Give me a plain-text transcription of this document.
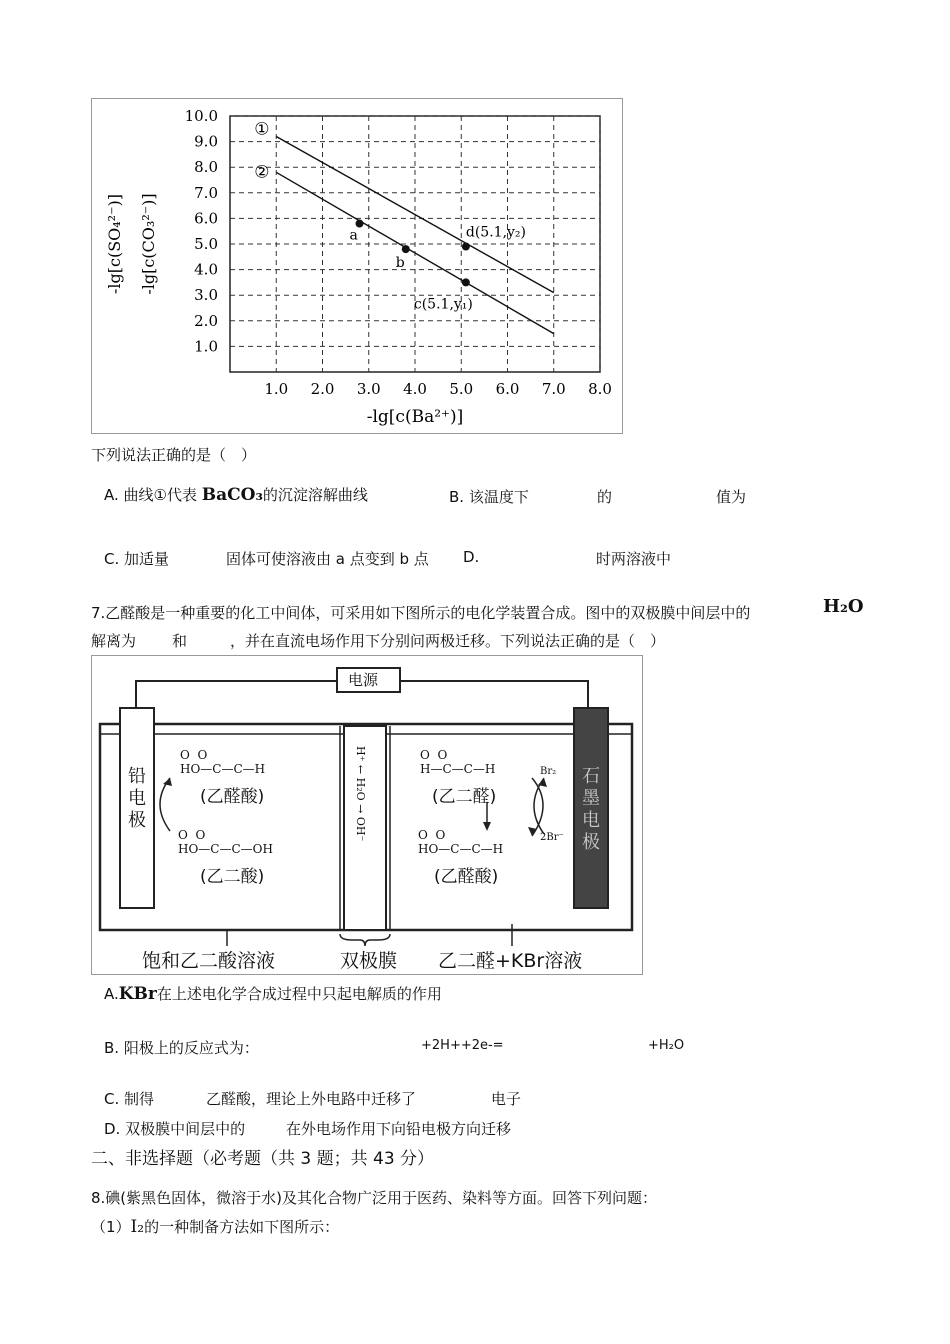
1.0 2.0 3.0 4.0 5.0 6.0 7.0 8.0
1.0
2.0
3.0
4.0
5.0
6.0
7.0
8.0
9.0
10.0
①
②
a
b
c(5.1,y₁)
d(5.1,y₂)
-lg[c(Ba²⁺)]
-lg[c(SO₄²⁻)] -lg[c(CO₃²⁻)]
下列说法正确的是（　）
A. 曲线①代表 BaCO₃的沉淀溶解曲线	B. 该温度下	的	值为
C. 加适量	固体可使溶液由 a 点变到 b 点 D.	时两溶液中
7.乙醛酸是一种重要的化工中间体，可采用如下图所示的电化学装置合成。图中的双极膜中间层中的	H₂O
解离为 和	，并在直流电场作用下分别问两极迁移。下列说法正确的是（　）
电源
铅电极
石墨电极
O  O
HO—C—C—H
(乙醛酸)
O  O
HO—C—C—OH
(乙二酸)
H⁺ ← H₂O → OH⁻	O  O
H—C—C—H
(乙二醛)
O  O
HO—C—C—H
(乙醛酸)
Br₂
2Br⁻
饱和乙二酸溶液	双极膜 乙二醛+KBr溶液
A.KBr在上述电化学合成过程中只起电解质的作用
B. 阳极上的反应式为：	+2H++2e-=	+H₂O
C. 制得	乙醛酸，理论上外电路中迁移了	电子
D. 双极膜中间层中的	在外电场作用下向铅电极方向迁移
二、非选择题（必考题（共 3 题；共 43 分）
8.碘(紫黑色固体，微溶于水)及其化合物广泛用于医药、染料等方面。回答下列问题：
（1）I₂的一种制备方法如下图所示：
